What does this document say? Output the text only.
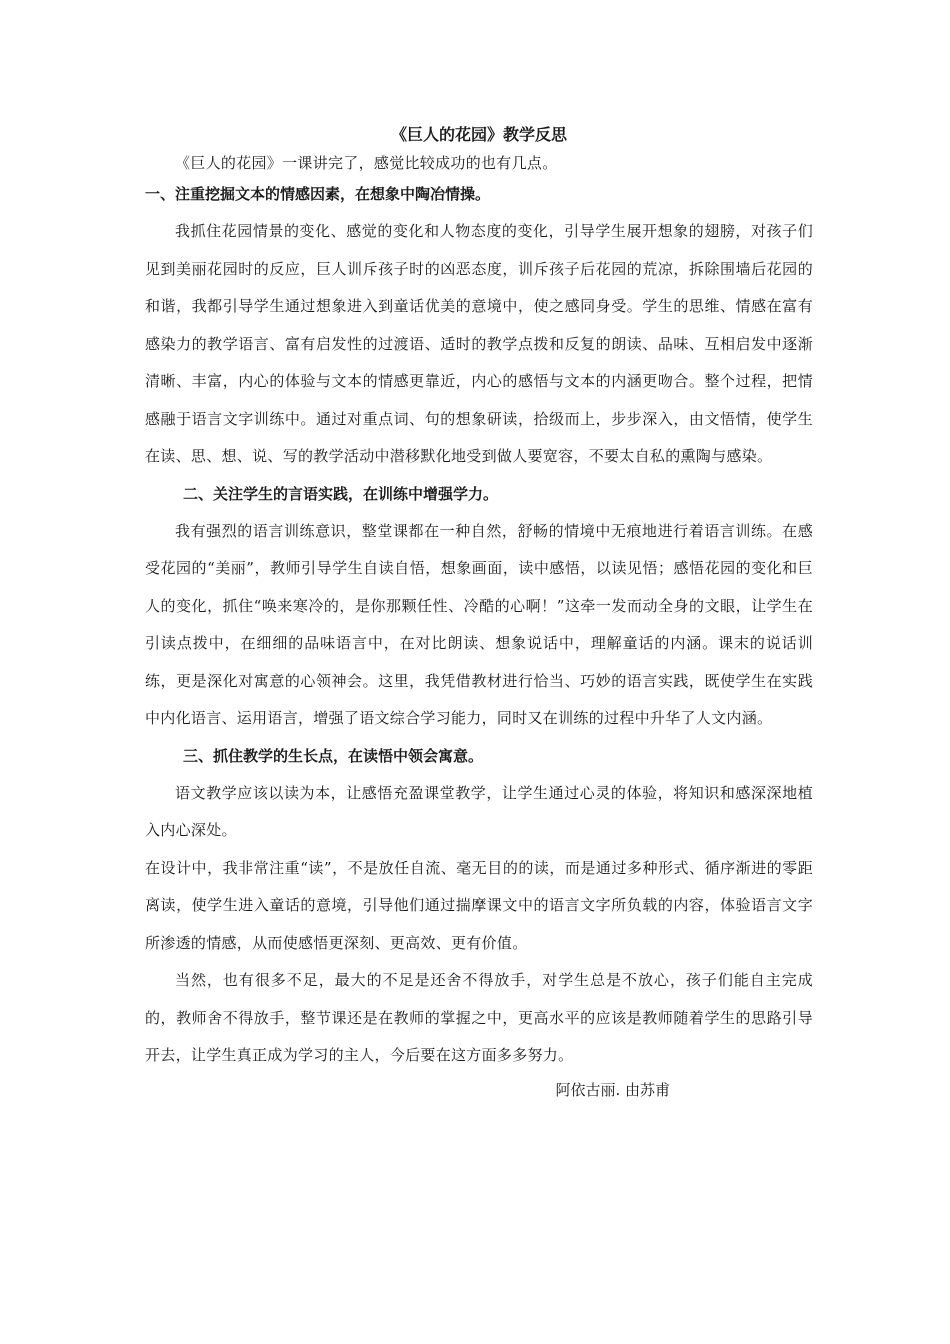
《巨人的花园》教学反思

《巨人的花园》一课讲完了，感觉比较成功的也有几点。

一、注重挖掘文本的情感因素，在想象中陶冶情操。

我抓住花园情景的变化、感觉的变化和人物态度的变化，引导学生展开想象的翅膀，对孩子们见到美丽花园时的反应，巨人训斥孩子时的凶恶态度，训斥孩子后花园的荒凉，拆除围墙后花园的和谐，我都引导学生通过想象进入到童话优美的意境中，使之感同身受。学生的思维、情感在富有感染力的教学语言、富有启发性的过渡语、适时的教学点拨和反复的朗读、品味、互相启发中逐渐清晰、丰富，内心的体验与文本的情感更靠近，内心的感悟与文本的内涵更吻合。整个过程，把情感融于语言文字训练中。通过对重点词、句的想象研读，拾级而上，步步深入，由文悟情，使学生在读、思、想、说、写的教学活动中潜移默化地受到做人要宽容，不要太自私的熏陶与感染。

二、关注学生的言语实践，在训练中增强学力。

我有强烈的语言训练意识，整堂课都在一种自然，舒畅的情境中无痕地进行着语言训练。在感受花园的“美丽”，教师引导学生自读自悟，想象画面，读中感悟，以读见悟；感悟花园的变化和巨人的变化，抓住“唤来寒冷的，是你那颗任性、冷酷的心啊！”这牵一发而动全身的文眼，让学生在引读点拨中，在细细的品味语言中，在对比朗读、想象说话中，理解童话的内涵。课末的说话训练，更是深化对寓意的心领神会。这里，我凭借教材进行恰当、巧妙的语言实践，既使学生在实践中内化语言、运用语言，增强了语文综合学习能力，同时又在训练的过程中升华了人文内涵。

三、抓住教学的生长点，在读悟中领会寓意。

语文教学应该以读为本，让感悟充盈课堂教学，让学生通过心灵的体验，将知识和感深深地植入内心深处。

在设计中，我非常注重“读”，不是放任自流、毫无目的的读，而是通过多种形式、循序渐进的零距离读，使学生进入童话的意境，引导他们通过揣摩课文中的语言文字所负载的内容，体验语言文字所渗透的情感，从而使感悟更深刻、更高效、更有价值。

当然，也有很多不足，最大的不足是还舍不得放手，对学生总是不放心，孩子们能自主完成的，教师舍不得放手，整节课还是在教师的掌握之中，更高水平的应该是教师随着学生的思路引导开去，让学生真正成为学习的主人，今后要在这方面多多努力。

阿依古丽. 由苏甫
